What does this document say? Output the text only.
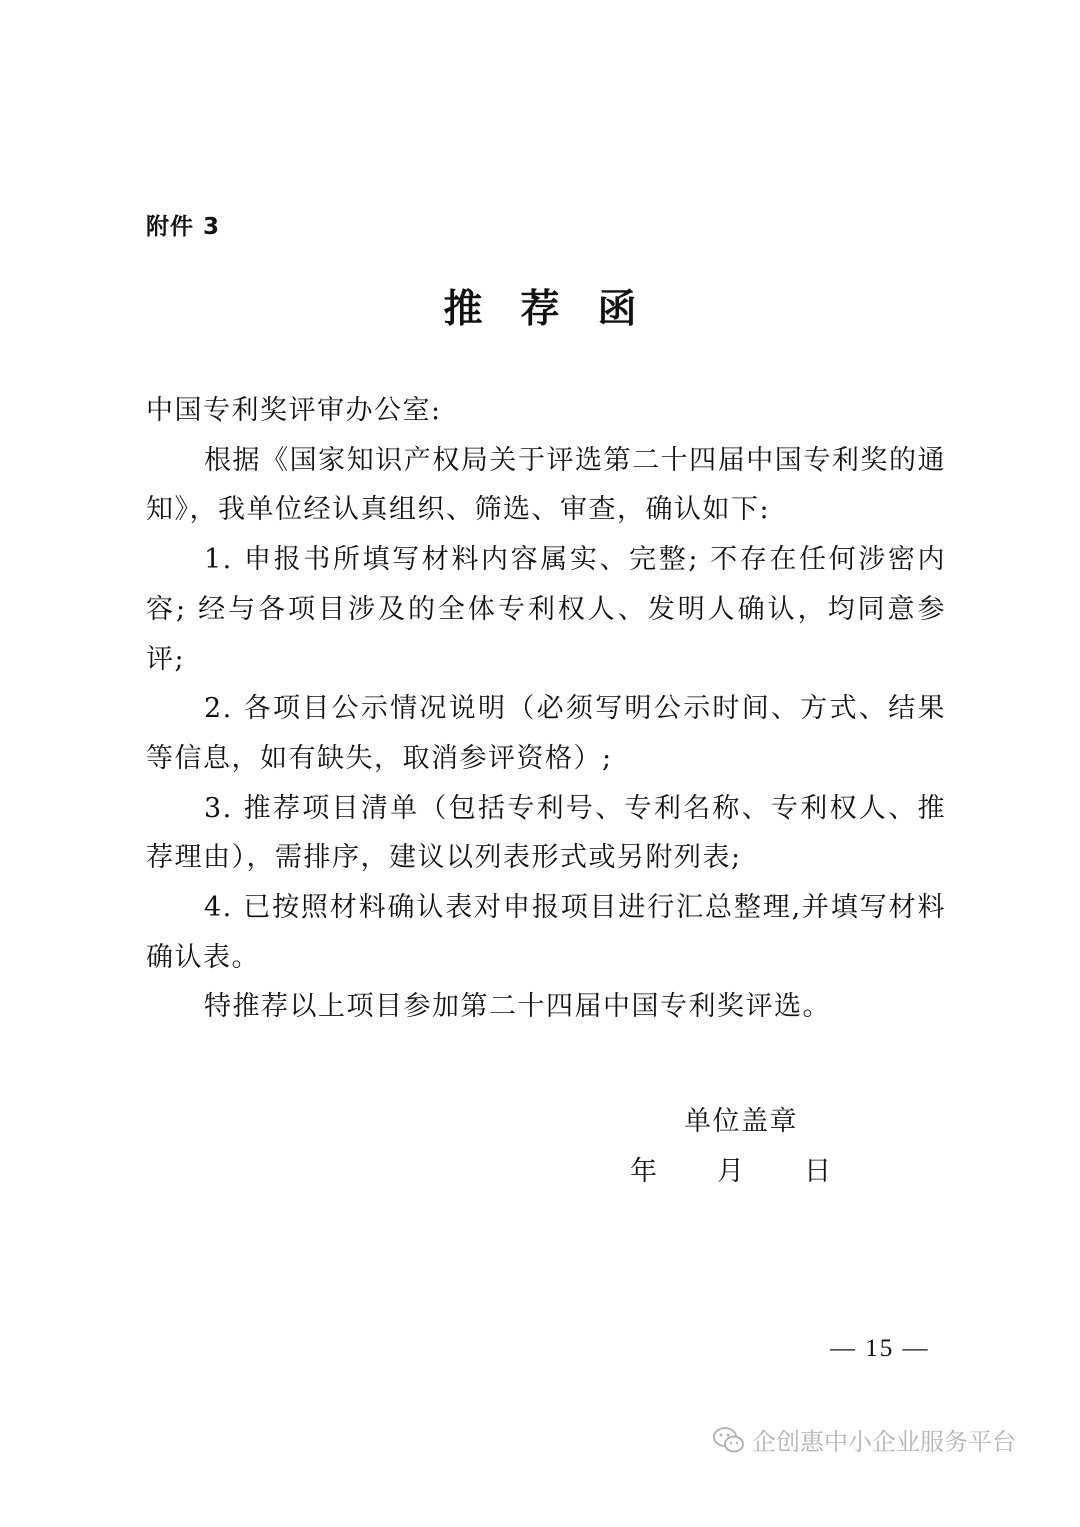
附件 3
推荐函

中国专利奖评审办公室:

根据《国家知识产权局关于评选第二十四届中国专利奖的通知》，我单位经认真组织、筛选、审查，确认如下:

1. 申报书所填写材料内容属实、完整; 不存在任何涉密内容; 经与各项目涉及的全体专利权人、发明人确认，均同意参评;

2. 各项目公示情况说明（必须写明公示时间、方式、结果等信息，如有缺失，取消参评资格）;

3. 推荐项目清单（包括专利号、专利名称、专利权人、推荐理由），需排序，建议以列表形式或另附列表;

4. 已按照材料确认表对申报项目进行汇总整理,并填写材料确认表。

特推荐以上项目参加第二十四届中国专利奖评选。

单位盖章
年 月 日
— 15 —
企创惠中小企业服务平台
